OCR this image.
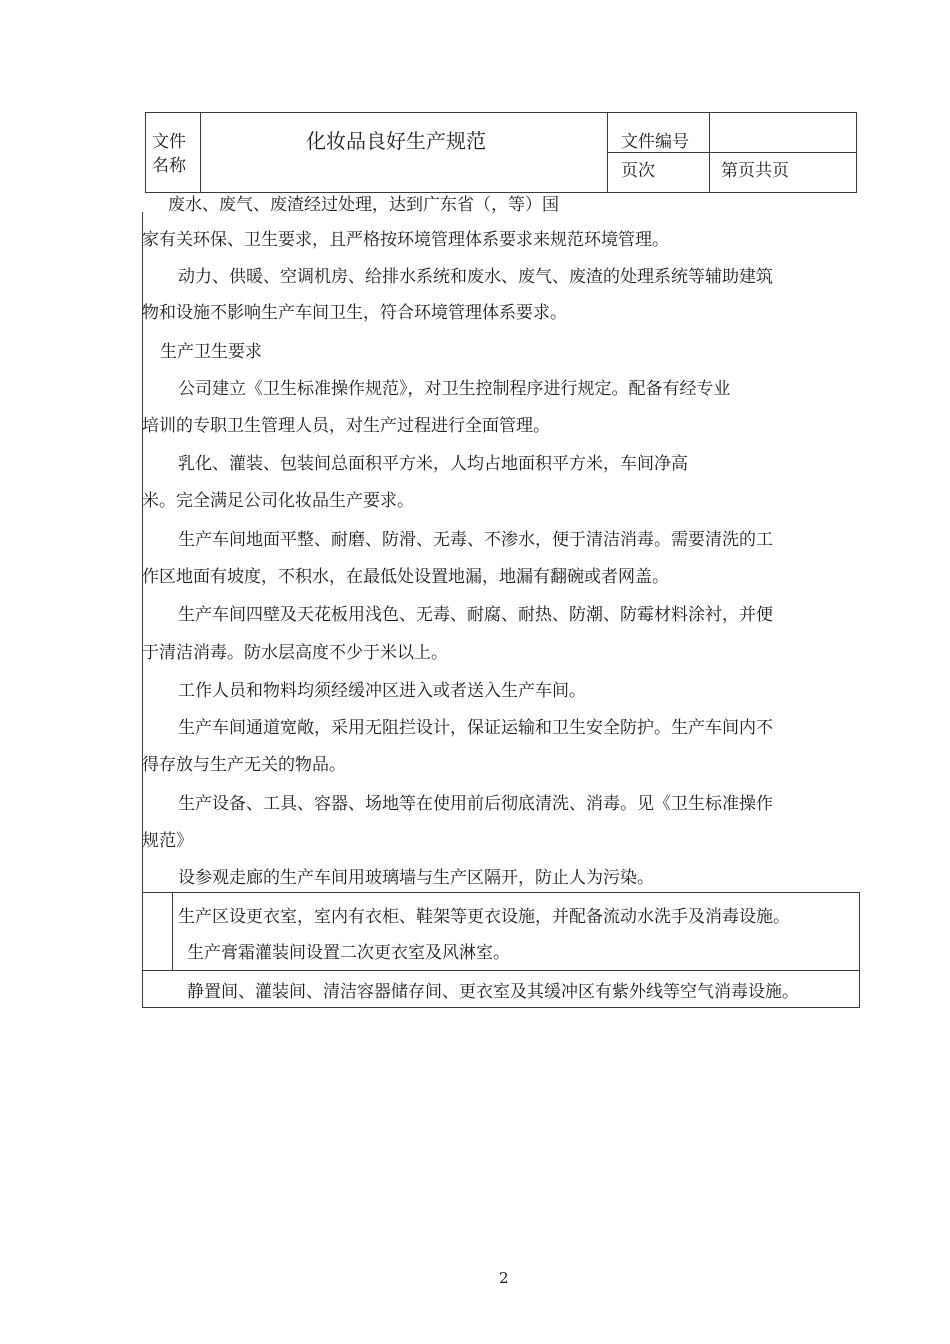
文件
名称
化妆品良好生产规范	文件编号
页次	第页共页
废水、废气、废渣经过处理，达到广东省（，等）国
家有关环保、卫生要求，且严格按环境管理体系要求来规范环境管理。
动力、供暖、空调机房、给排水系统和废水、废气、废渣的处理系统等辅助建筑
物和设施不影响生产车间卫生，符合环境管理体系要求。
生产卫生要求
公司建立《卫生标准操作规范》，对卫生控制程序进行规定。配备有经专业
培训的专职卫生管理人员，对生产过程进行全面管理。
乳化、灌装、包装间总面积平方米，人均占地面积平方米，车间净高
米。完全满足公司化妆品生产要求。
生产车间地面平整、耐磨、防滑、无毒、不渗水，便于清洁消毒。需要清洗的工
作区地面有坡度，不积水，在最低处设置地漏，地漏有翻碗或者网盖。
生产车间四壁及天花板用浅色、无毒、耐腐、耐热、防潮、防霉材料涂衬，并便
于清洁消毒。防水层高度不少于米以上。
工作人员和物料均须经缓冲区进入或者送入生产车间。
生产车间通道宽敞，采用无阻拦设计，保证运输和卫生安全防护。生产车间内不
得存放与生产无关的物品。
生产设备、工具、容器、场地等在使用前后彻底清洗、消毒。见《卫生标准操作
规范》
设参观走廊的生产车间用玻璃墙与生产区隔开，防止人为污染。
生产区设更衣室，室内有衣柜、鞋架等更衣设施，并配备流动水洗手及消毒设施。
生产膏霜灌装间设置二次更衣室及风淋室。
静置间、灌装间、清洁容器储存间、更衣室及其缓冲区有紫外线等空气消毒设施。
2
